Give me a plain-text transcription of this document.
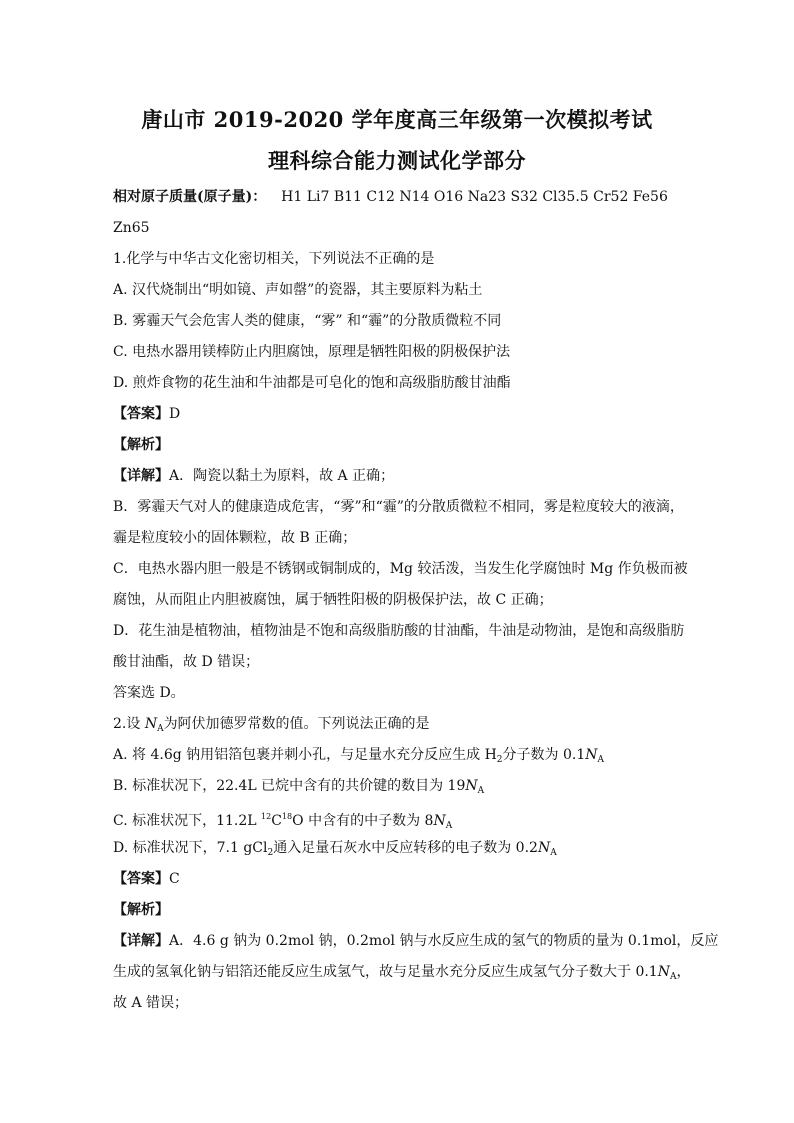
唐山市 2019-2020 学年度高三年级第一次模拟考试
理科综合能力测试化学部分
相对原子质量(原子量)： H1 Li7 B11 C12 N14 O16 Na23 S32 Cl35.5 Cr52 Fe56
Zn65
1.化学与中华古文化密切相关，下列说法不正确的是
A. 汉代烧制出“明如镜、声如罄”的瓷器，其主要原料为粘土
B. 雾霾天气会危害人类的健康，“雾” 和“霾”的分散质微粒不同
C. 电热水器用镁棒防止内胆腐蚀，原理是牺牲阳极的阴极保护法
D. 煎炸食物的花生油和牛油都是可皂化的饱和高级脂肪酸甘油酯
【答案】D
【解析】
【详解】A．陶瓷以黏土为原料，故 A 正确；
B．雾霾天气对人的健康造成危害，“雾”和“霾”的分散质微粒不相同，雾是粒度较大的液滴，
霾是粒度较小的固体颗粒，故 B 正确；
C．电热水器内胆一般是不锈钢或铜制成的，Mg 较活泼，当发生化学腐蚀时 Mg 作负极而被
腐蚀，从而阻止内胆被腐蚀，属于牺牲阳极的阴极保护法，故 C 正确；
D．花生油是植物油，植物油是不饱和高级脂肪酸的甘油酯，牛油是动物油，是饱和高级脂肪
酸甘油酯，故 D 错误；
答案选 D。
2.设 $N_A$为阿伏加德罗常数的值。下列说法正确的是
A. 将 4.6g 钠用铝箔包裹并刺小孔，与足量水充分反应生成 $H_2$分子数为 $0.1N_A$
B. 标准状况下，22.4L 已烷中含有的共价键的数目为 $19N_A$
C. 标准状况下，11.2L $^{12}C^{18}O$ 中含有的中子数为 $8N_A$
D. 标准状况下，7.1 gCl$_2$通入足量石灰水中反应转移的电子数为 $0.2N_A$
【答案】C
【解析】
【详解】A．4.6 g 钠为 0.2mol 钠，0.2mol 钠与水反应生成的氢气的物质的量为 0.1mol，反应
生成的氢氧化钠与铝箔还能反应生成氢气，故与足量水充分反应生成氢气分子数大于 $0.1N_A$，
故 A 错误；
